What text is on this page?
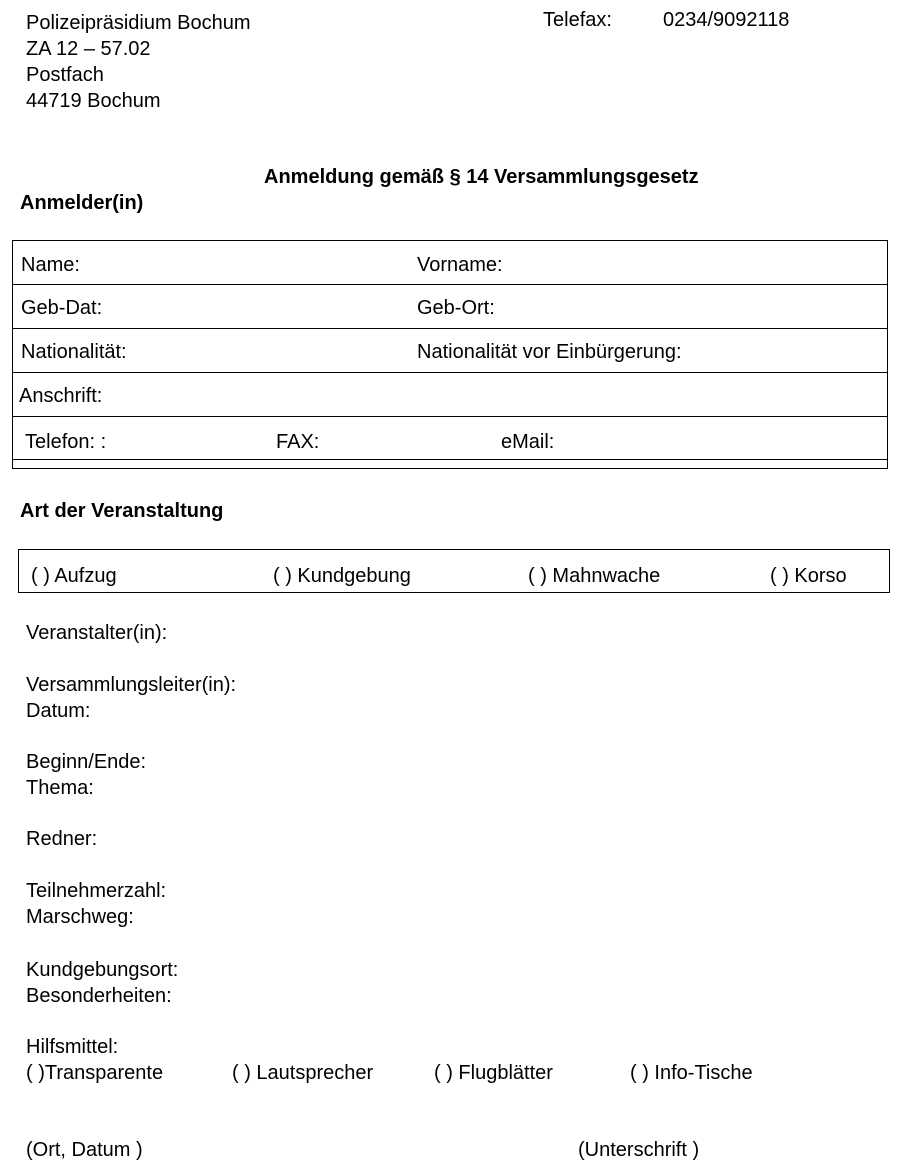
Polizeipräsidium Bochum
ZA 12 – 57.02
Postfach
44719 Bochum
Telefax:	0234/9092118
Anmeldung gemäß § 14 Versammlungsgesetz
Anmelder(in)
Name:	Vorname:
Geb-Dat:	Geb-Ort:
Nationalität:	Nationalität vor Einbürgerung:
Anschrift:
Telefon: :	FAX:	eMail:
Art der Veranstaltung
( ) Aufzug	( ) Kundgebung	( ) Mahnwache	( ) Korso
Veranstalter(in):
Versammlungsleiter(in):
Datum:
Beginn/Ende:
Thema:
Redner:
Teilnehmerzahl:
Marschweg:
Kundgebungsort:
Besonderheiten:
Hilfsmittel:
( )Transparente	( ) Lautsprecher	( ) Flugblätter	( ) Info-Tische
(Ort, Datum )	(Unterschrift )
